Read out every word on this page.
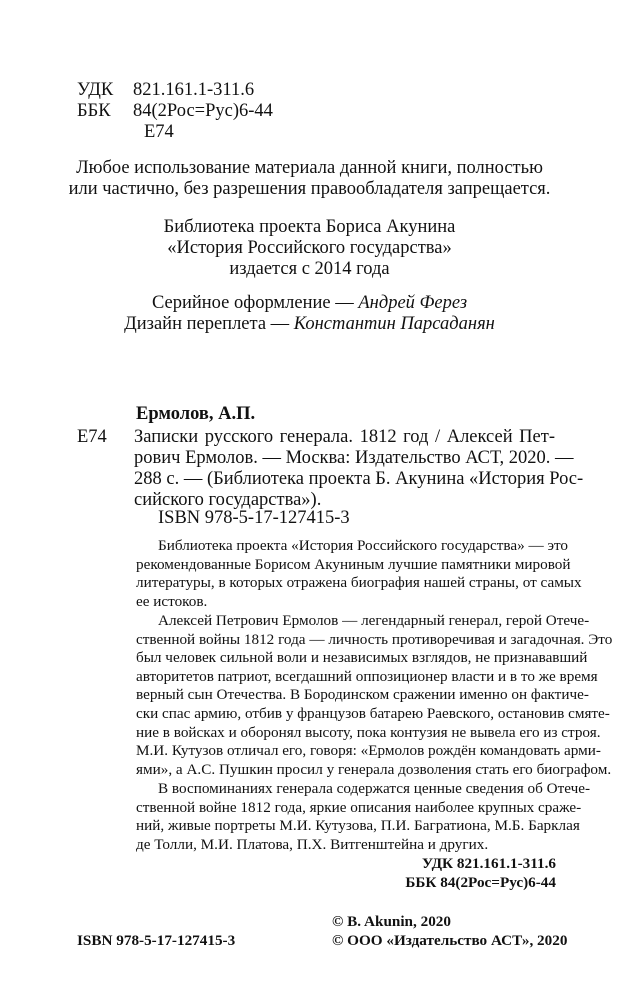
УДК 821.161.1-311.6
ББК 84(2Рос=Рус)6-44
Е74
Любое использование материала данной книги, полностью
или частично, без разрешения правообладателя запрещается.
Библиотека проекта Бориса Акунина
«История Российского государства»
издается с 2014 года
Серийное оформление — Андрей Ферез
Дизайн переплета — Константин Парсаданян
Ермолов, А.П.
Е74 Записки русского генерала. 1812 год / Алексей Пет-
рович Ермолов. — Москва: Издательство АСТ, 2020. —
288 с. — (Библиотека проекта Б. Акунина «История Рос-
сийского государства»).
ISBN 978-5-17-127415-3
Библиотека проекта «История Российского государства» — это
рекомендованные Борисом Акуниным лучшие памятники мировой
литературы, в которых отражена биография нашей страны, от самых
ее истоков.
Алексей Петрович Ермолов — легендарный генерал, герой Отече-
ственной войны 1812 года — личность противоречивая и загадочная. Это
был человек сильной воли и независимых взглядов, не признававший
авторитетов патриот, всегдашний оппозиционер власти и в то же время
верный сын Отечества. В Бородинском сражении именно он фактиче-
ски спас армию, отбив у французов батарею Раевского, остановив смяте-
ние в войсках и оборонял высоту, пока контузия не вывела его из строя.
М.И. Кутузов отличал его, говоря: «Ермолов рождён командовать арми-
ями», а А.С. Пушкин просил у генерала дозволения стать его биографом.
В воспоминаниях генерала содержатся ценные сведения об Отече-
ственной войне 1812 года, яркие описания наиболее крупных сраже-
ний, живые портреты М.И. Кутузова, П.И. Багратиона, М.Б. Барклая
де Толли, М.И. Платова, П.Х. Витгенштейна и других.
УДК 821.161.1-311.6
ББК 84(2Рос=Рус)6-44
ISBN 978-5-17-127415-3
© B. Akunin, 2020
© ООО «Издательство АСТ», 2020
